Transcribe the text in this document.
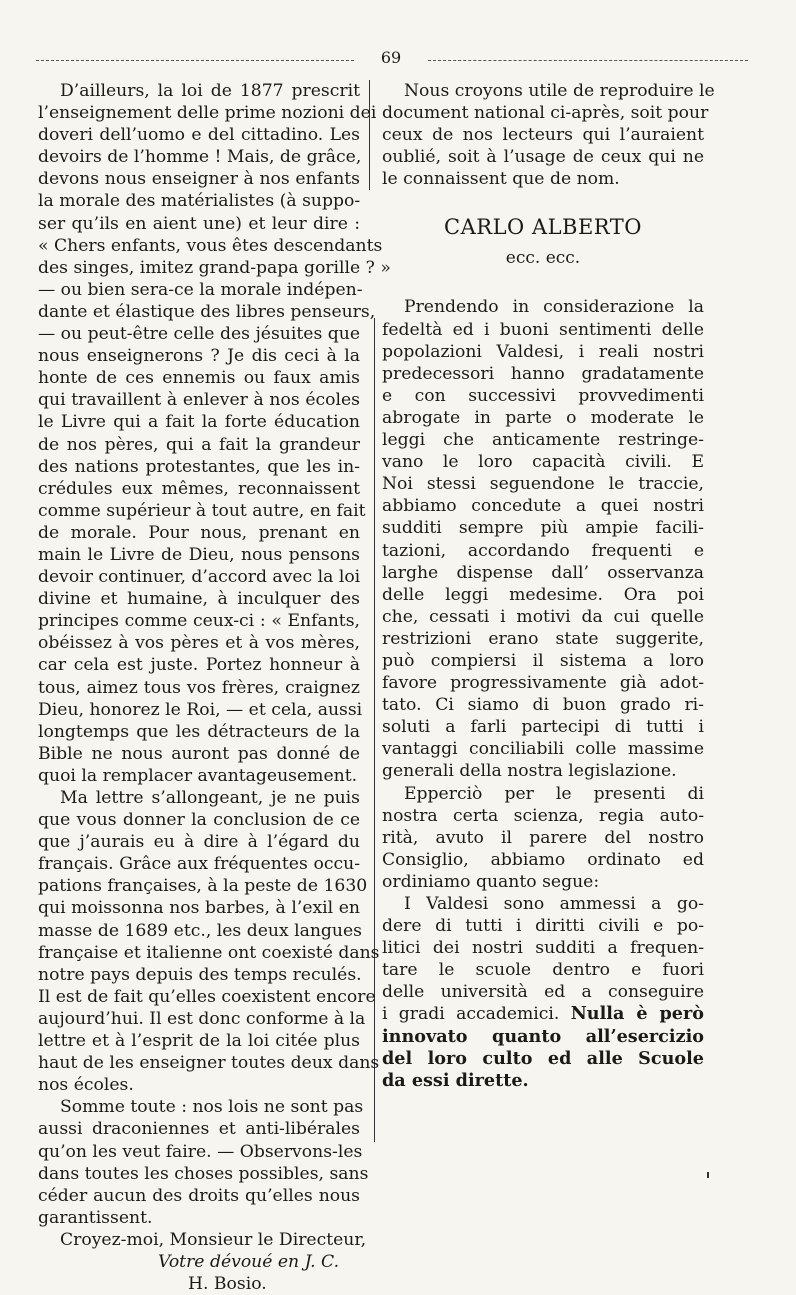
69
D’ailleurs, la loi de 1877 prescrit
l’enseignement delle prime nozioni dei
doveri dell’uomo e del cittadino. Les
devoirs de l’homme ! Mais, de grâce,
devons nous enseigner à nos enfants
la morale des matérialistes (à suppo-
ser qu’ils en aient une) et leur dire :
« Chers enfants, vous êtes descendants
des singes, imitez grand-papa gorille ? »
— ou bien sera-ce la morale indépen-
dante et élastique des libres penseurs,
— ou peut-être celle des jésuites que
nous enseignerons ? Je dis ceci à la
honte de ces ennemis ou faux amis
qui travaillent à enlever à nos écoles
le Livre qui a fait la forte éducation
de nos pères, qui a fait la grandeur
des nations protestantes, que les in-
crédules eux mêmes, reconnaissent
comme supérieur à tout autre, en fait
de morale. Pour nous, prenant en
main le Livre de Dieu, nous pensons
devoir continuer, d’accord avec la loi
divine et humaine, à inculquer des
principes comme ceux-ci : « Enfants,
obéissez à vos pères et à vos mères,
car cela est juste. Portez honneur à
tous, aimez tous vos frères, craignez
Dieu, honorez le Roi, — et cela, aussi
longtemps que les détracteurs de la
Bible ne nous auront pas donné de
quoi la remplacer avantageusement.
Ma lettre s’allongeant, je ne puis
que vous donner la conclusion de ce
que j’aurais eu à dire à l’égard du
français. Grâce aux fréquentes occu-
pations françaises, à la peste de 1630
qui moissonna nos barbes, à l’exil en
masse de 1689 etc., les deux langues
française et italienne ont coexisté dans
notre pays depuis des temps reculés.
Il est de fait qu’elles coexistent encore
aujourd’hui. Il est donc conforme à la
lettre et à l’esprit de la loi citée plus
haut de les enseigner toutes deux dans
nos écoles.
Somme toute : nos lois ne sont pas
aussi draconiennes et anti-libérales
qu’on les veut faire. — Observons-les
dans toutes les choses possibles, sans
céder aucun des droits qu’elles nous
garantissent.
Croyez-moi, Monsieur le Directeur,
Votre dévoué en J. C.
H. Bosio.
Nous croyons utile de reproduire le
document national ci-après, soit pour
ceux de nos lecteurs qui l’auraient
oublié, soit à l’usage de ceux qui ne
le connaissent que de nom.
CARLO ALBERTO
ecc. ecc.
Prendendo in considerazione la
fedeltà ed i buoni sentimenti delle
popolazioni Valdesi, i reali nostri
predecessori hanno gradatamente
e con successivi provvedimenti
abrogate in parte o moderate le
leggi che anticamente restringe-
vano le loro capacità civili. E
Noi stessi seguendone le traccie,
abbiamo concedute a quei nostri
sudditi sempre più ampie facili-
tazioni, accordando frequenti e
larghe dispense dall’ osservanza
delle leggi medesime. Ora poi
che, cessati i motivi da cui quelle
restrizioni erano state suggerite,
può compiersi il sistema a loro
favore progressivamente già adot-
tato. Ci siamo di buon grado ri-
soluti a farli partecipi di tutti i
vantaggi conciliabili colle massime
generali della nostra legislazione.
Epperciò per le presenti di
nostra certa scienza, regia auto-
rità, avuto il parere del nostro
Consiglio, abbiamo ordinato ed
ordiniamo quanto segue:
I Valdesi sono ammessi a go-
dere di tutti i diritti civili e po-
litici dei nostri sudditi a frequen-
tare le scuole dentro e fuori
delle università ed a conseguire
i gradi accademici. Nulla è però
innovato quanto all’esercizio
del loro culto ed alle Scuole
da essi dirette.
